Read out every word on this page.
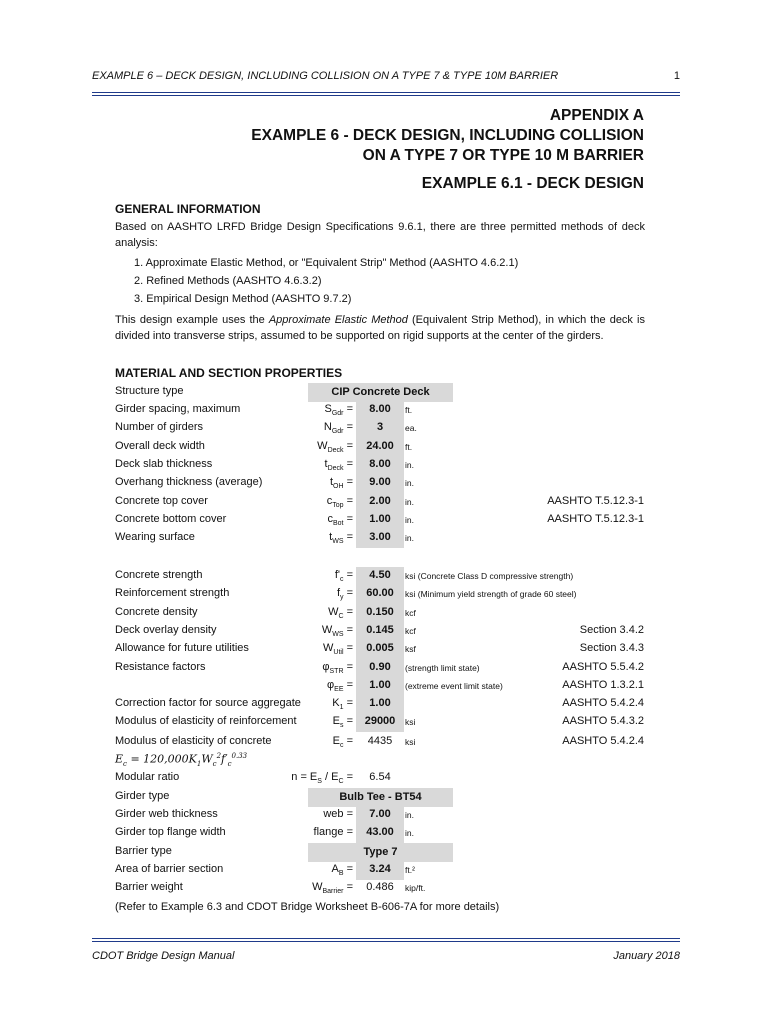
EXAMPLE 6 – DECK DESIGN, INCLUDING COLLISION ON A TYPE 7 & TYPE 10M BARRIER	1
APPENDIX A
EXAMPLE 6 - DECK DESIGN, INCLUDING COLLISION
ON A TYPE 7 OR TYPE 10 M BARRIER
EXAMPLE 6.1 - DECK DESIGN
GENERAL INFORMATION
Based on AASHTO LRFD Bridge Design Specifications 9.6.1, there are three permitted methods of deck analysis:
1. Approximate Elastic Method, or "Equivalent Strip" Method (AASHTO 4.6.2.1)
2. Refined Methods (AASHTO 4.6.3.2)
3. Empirical Design Method (AASHTO 9.7.2)
This design example uses the Approximate Elastic Method (Equivalent Strip Method), in which the deck is divided into transverse strips, assumed to be supported on rigid supports at the center of the girders.
MATERIAL AND SECTION PROPERTIES
Structure type	CIP Concrete Deck
Girder spacing, maximum	$S_{Gdr}$ =	8.00	ft.
Number of girders	$N_{Gdr}$ =	3	ea.
Overall deck width	$W_{Deck}$ =	24.00	ft.
Deck slab thickness	$t_{Deck}$ =	8.00	in.
Overhang thickness (average)	$t_{OH}$ =	9.00	in.
Concrete top cover	$c_{Top}$ =	2.00	in.	AASHTO T.5.12.3-1
Concrete bottom cover	$c_{Bot}$ =	1.00	in.	AASHTO T.5.12.3-1
Wearing surface	$t_{WS}$ =	3.00	in.
Concrete strength	$f'_c$ =	4.50	ksi (Concrete Class D compressive strength)
Reinforcement strength	$f_y$ =	60.00	ksi (Minimum yield strength of grade 60 steel)
Concrete density	$W_C$ =	0.150	kcf
Deck overlay density	$W_{WS}$ =	0.145	kcf	Section 3.4.2
Allowance for future utilities	$W_{Util}$ =	0.005	ksf	Section 3.4.3
Resistance factors	$\varphi_{STR}$ =	0.90	(strength limit state)	AASHTO 5.5.4.2
$\varphi_{EE}$ =	1.00	(extreme event limit state)	AASHTO 1.3.2.1
Correction factor for source aggregate	$K_1$ =	1.00	AASHTO 5.4.2.4
Modulus of elasticity of reinforcement	$E_s$ =	29000	ksi	AASHTO 5.4.3.2
Modulus of elasticity of concrete	$E_c$ =	4435	ksi	AASHTO 5.4.2.4
$E_c = 120,000K_1W_c^2f'_c^{0.33}$
Modular ratio	$n = E_S / E_C$ =	6.54
Girder type	Bulb Tee - BT54
Girder web thickness	web =	7.00	in.
Girder top flange width	flange =	43.00	in.
Barrier type	Type 7
Area of barrier section	$A_B$ =	3.24	ft.²
Barrier weight	$W_{Barrier}$ =	0.486	kip/ft.
(Refer to Example 6.3 and CDOT Bridge Worksheet B-606-7A for more details)
CDOT Bridge Design Manual	January 2018
